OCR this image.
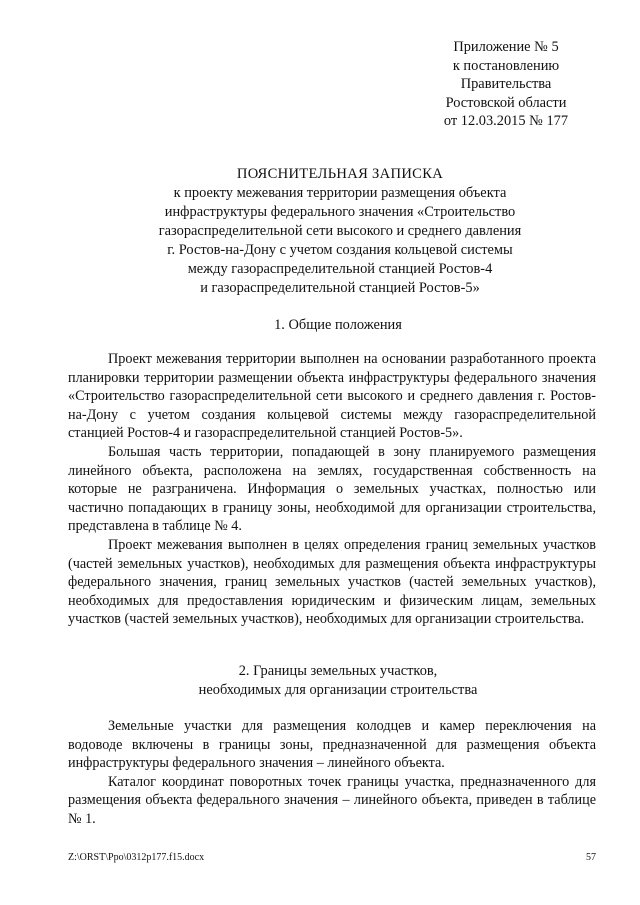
Приложение № 5
к постановлению
Правительства
Ростовской области
от 12.03.2015 № 177
ПОЯСНИТЕЛЬНАЯ ЗАПИСКА
к проекту межевания территории размещения объекта
инфраструктуры федерального значения «Строительство
газораспределительной сети высокого и среднего давления
г. Ростов-на-Дону с учетом создания кольцевой системы
между газораспределительной станцией Ростов-4
и газораспределительной станцией Ростов-5»
1. Общие положения

Проект межевания территории выполнен на основании разработанного проекта планировки территории размещении объекта инфраструктуры федерального значения «Строительство газораспределительной сети высокого и среднего давления г. Ростов-на-Дону с учетом создания кольцевой системы между газораспределительной станцией Ростов-4 и газораспределительной станцией Ростов-5».

Большая часть территории, попадающей в зону планируемого размещения линейного объекта, расположена на землях, государственная собственность на которые не разграничена. Информация о земельных участках, полностью или частично попадающих в границу зоны, необходимой для организации строительства, представлена в таблице № 4.

Проект межевания выполнен в целях определения границ земельных участков (частей земельных участков), необходимых для размещения объекта инфраструктуры федерального значения, границ земельных участков (частей земельных участков), необходимых для предоставления юридическим и физическим лицам, земельных участков (частей земельных участков), необходимых для организации строительства.

2. Границы земельных участков,
необходимых для организации строительства

Земельные участки для размещения колодцев и камер переключения на водоводе включены в границы зоны, предназначенной для размещения объекта инфраструктуры федерального значения – линейного объекта.

Каталог координат поворотных точек границы участка, предназначенного для размещения объекта федерального значения – линейного объекта, приведен в таблице № 1.

Z:\ORST\Ppo\0312p177.f15.docx	57
